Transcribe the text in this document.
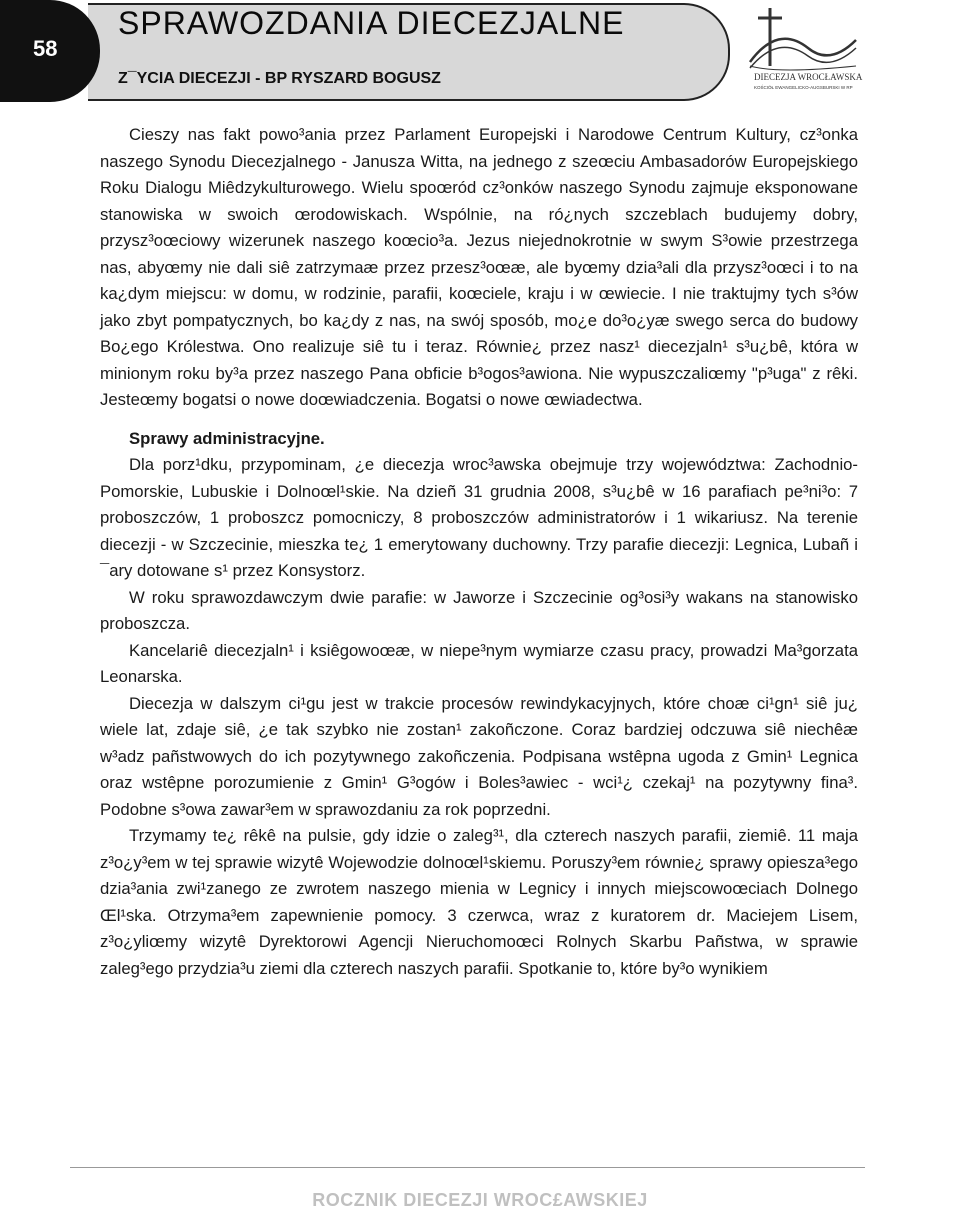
58
SPRAWOZDANIA DIECEZJALNE
Z¯YCIA DIECEZJI - BP RYSZARD BOGUSZ	DIECEZJA WROCŁAWSKA
KOŚCIÓŁ EWANGELICKO-AUGSBURSKI W RP

Cieszy nas fakt powo³ania przez Parlament Europejski i Narodowe Centrum Kultury, cz³onka naszego Synodu Diecezjalnego - Janusza Witta, na jednego z szeœciu Ambasadorów Europejskiego Roku Dialogu Miêdzykulturowego. Wielu spoœród cz³onków naszego Synodu zajmuje eksponowane stanowiska w swoich œrodowiskach. Wspólnie, na ró¿nych szczeblach budujemy dobry, przysz³oœciowy wizerunek naszego koœcio³a. Jezus niejednokrotnie w swym S³owie przestrzega nas, abyœmy nie dali siê zatrzymaæ przez przesz³oœæ, ale byœmy dzia³ali dla przysz³oœci i to na ka¿dym miejscu: w domu, w rodzinie, parafii, koœciele, kraju i w œwiecie. I nie traktujmy tych s³ów jako zbyt pompatycznych, bo ka¿dy z nas, na swój sposób, mo¿e do³o¿yæ swego serca do budowy Bo¿ego Królestwa. Ono realizuje siê tu i teraz. Równie¿ przez nasz¹ diecezjaln¹ s³u¿bê, która w minionym roku by³a przez naszego Pana obficie b³ogos³awiona. Nie wypuszczaliœmy "p³uga" z rêki. Jesteœmy bogatsi o nowe doœwiadczenia. Bogatsi o nowe œwiadectwa.

Sprawy administracyjne.

Dla porz¹dku, przypominam, ¿e diecezja wroc³awska obejmuje trzy województwa: Zachodnio-Pomorskie, Lubuskie i Dolnoœl¹skie. Na dzieñ 31 grudnia 2008, s³u¿bê w 16 parafiach pe³ni³o: 7 proboszczów, 1 proboszcz pomocniczy, 8 proboszczów administratorów i 1 wikariusz. Na terenie diecezji - w Szczecinie, mieszka te¿ 1 emerytowany duchowny. Trzy parafie diecezji: Legnica, Lubañ i ¯ary dotowane s¹ przez Konsystorz.

W roku sprawozdawczym dwie parafie: w Jaworze i Szczecinie og³osi³y wakans na stanowisko proboszcza.

Kancelariê diecezjaln¹ i ksiêgowoœæ, w niepe³nym wymiarze czasu pracy, prowadzi Ma³gorzata Leonarska.

Diecezja w dalszym ci¹gu jest w trakcie procesów rewindykacyjnych, które choæ ci¹gn¹ siê ju¿ wiele lat, zdaje siê, ¿e tak szybko nie zostan¹ zakoñczone. Coraz bardziej odczuwa siê niechêæ w³adz pañstwowych do ich pozytywnego zakoñczenia. Podpisana wstêpna ugoda z Gmin¹ Legnica oraz wstêpne porozumienie z Gmin¹ G³ogów i Boles³awiec - wci¹¿ czekaj¹ na pozytywny fina³. Podobne s³owa zawar³em w sprawozdaniu za rok poprzedni.

Trzymamy te¿ rêkê na pulsie, gdy idzie o zaleg³¹, dla czterech naszych parafii, ziemiê. 11 maja z³o¿y³em w tej sprawie wizytê Wojewodzie dolnoœl¹skiemu. Poruszy³em równie¿ sprawy opiesza³ego dzia³ania zwi¹zanego ze zwrotem naszego mienia w Legnicy i innych miejscowoœciach Dolnego Œl¹ska. Otrzyma³em zapewnienie pomocy. 3 czerwca, wraz z kuratorem dr. Maciejem Lisem, z³o¿yliœmy wizytê Dyrektorowi Agencji Nieruchomoœci Rolnych Skarbu Pañstwa, w sprawie zaleg³ego przydzia³u ziemi dla czterech naszych parafii. Spotkanie to, które by³o wynikiem

ROCZNIK DIECEZJI WROC£AWSKIEJ
